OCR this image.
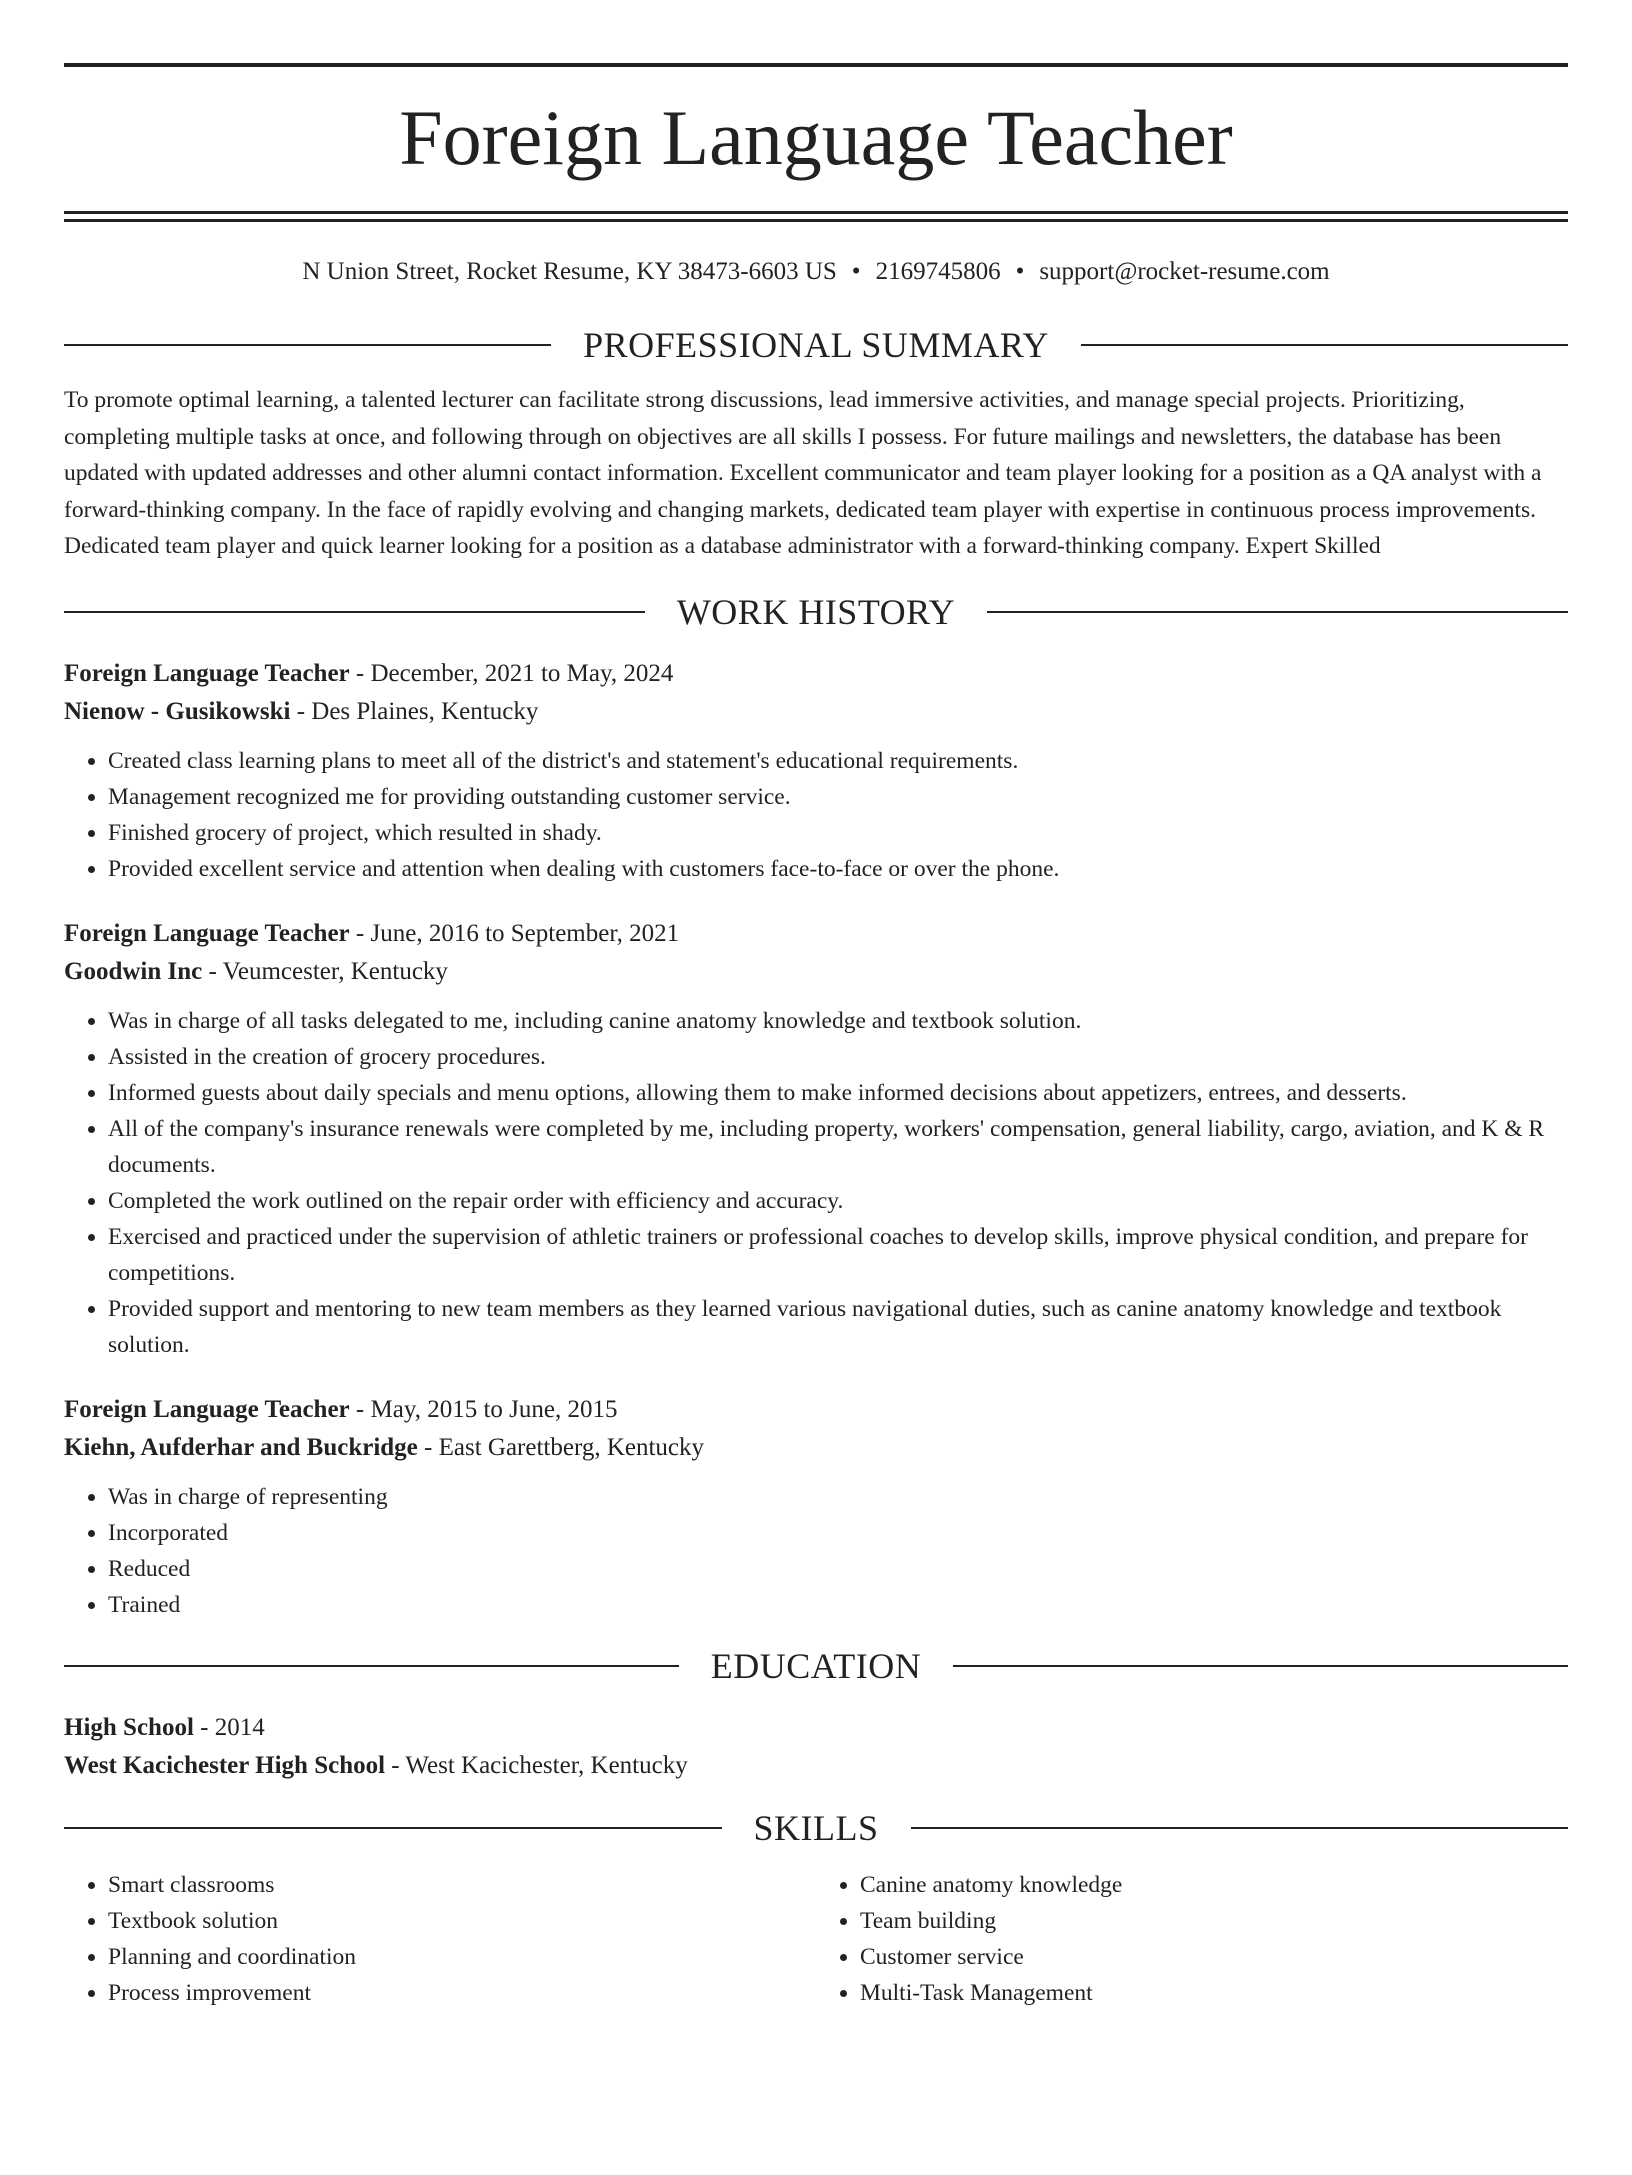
Foreign Language Teacher
N Union Street, Rocket Resume, KY 38473-6603 US • 2169745806 • support@rocket-resume.com
PROFESSIONAL SUMMARY

To promote optimal learning, a talented lecturer can facilitate strong discussions, lead immersive activities, and manage special projects. Prioritizing, completing multiple tasks at once, and following through on objectives are all skills I possess. For future mailings and newsletters, the database has been updated with updated addresses and other alumni contact information. Excellent communicator and team player looking for a position as a QA analyst with a forward-thinking company. In the face of rapidly evolving and changing markets, dedicated team player with expertise in continuous process improvements. Dedicated team player and quick learner looking for a position as a database administrator with a forward-thinking company. Expert Skilled

WORK HISTORY
Foreign Language Teacher - December, 2021 to May, 2024
Nienow - Gusikowski - Des Plaines, Kentucky
• Created class learning plans to meet all of the district's and statement's educational requirements.
• Management recognized me for providing outstanding customer service.
• Finished grocery of project, which resulted in shady.
• Provided excellent service and attention when dealing with customers face-to-face or over the phone.
Foreign Language Teacher - June, 2016 to September, 2021
Goodwin Inc - Veumcester, Kentucky
• Was in charge of all tasks delegated to me, including canine anatomy knowledge and textbook solution.
• Assisted in the creation of grocery procedures.
• Informed guests about daily specials and menu options, allowing them to make informed decisions about appetizers, entrees, and desserts.
• All of the company's insurance renewals were completed by me, including property, workers' compensation, general liability, cargo, aviation, and K & R documents.
• Completed the work outlined on the repair order with efficiency and accuracy.
• Exercised and practiced under the supervision of athletic trainers or professional coaches to develop skills, improve physical condition, and prepare for competitions.
• Provided support and mentoring to new team members as they learned various navigational duties, such as canine anatomy knowledge and textbook solution.
Foreign Language Teacher - May, 2015 to June, 2015
Kiehn, Aufderhar and Buckridge - East Garettberg, Kentucky
• Was in charge of representing
• Incorporated
• Reduced
• Trained
EDUCATION
High School - 2014
West Kacichester High School - West Kacichester, Kentucky
SKILLS
• Smart classrooms
• Textbook solution
• Planning and coordination
• Process improvement
• Canine anatomy knowledge
• Team building
• Customer service
• Multi-Task Management
